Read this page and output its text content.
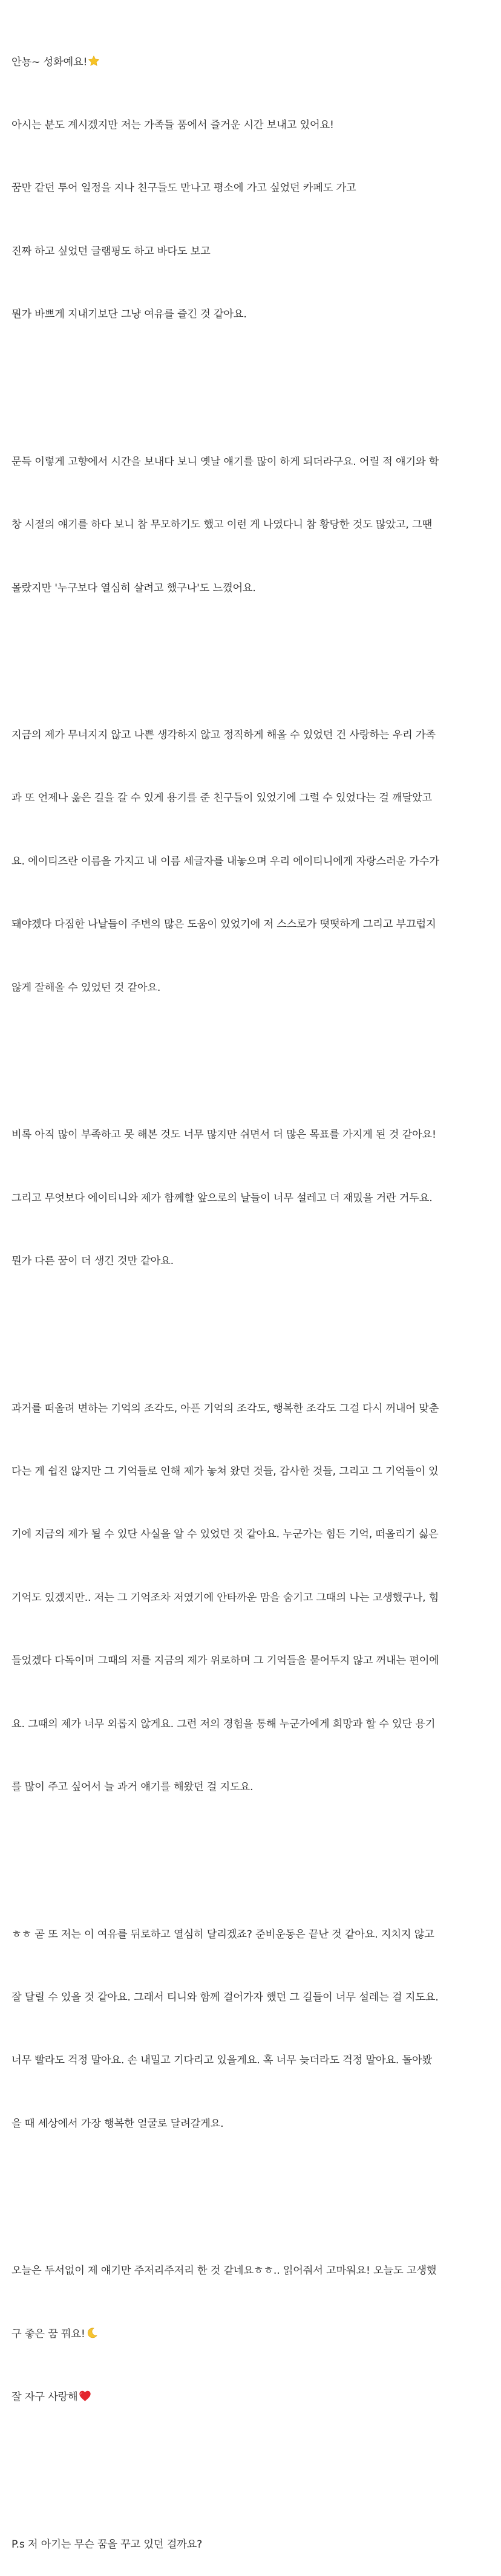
안뇽~ 성화예요!

아시는 분도 계시겠지만 저는 가족들 품에서 즐거운 시간 보내고 있어요!

꿈만 같던 투어 일정을 지나 친구들도 만나고 평소에 가고 싶었던 카페도 가고

진짜 하고 싶었던 글램핑도 하고 바다도 보고

뭔가 바쁘게 지내기보단 그냥 여유를 즐긴 것 같아요.

문득 이렇게 고향에서 시간을 보내다 보니 옛날 얘기를 많이 하게 되더라구요. 어릴 적 얘기와 학

창 시절의 얘기를 하다 보니 참 무모하기도 했고 이런 게 나였다니 참 황당한 것도 많았고, 그땐

몰랐지만 '누구보다 열심히 살려고 했구나'도 느꼈어요.

지금의 제가 무너지지 않고 나쁜 생각하지 않고 정직하게 해올 수 있었던 건 사랑하는 우리 가족

과 또 언제나 옳은 길을 갈 수 있게 용기를 준 친구들이 있었기에 그럴 수 있었다는 걸 깨달았고

요. 에이티즈란 이름을 가지고 내 이름 세글자를 내놓으며 우리 에이티니에게 자랑스러운 가수가

돼야겠다 다짐한 나날들이 주변의 많은 도움이 있었기에 저 스스로가 떳떳하게 그리고 부끄럽지

않게 잘해올 수 있었던 것 같아요.

비록 아직 많이 부족하고 못 해본 것도 너무 많지만 쉬면서 더 많은 목표를 가지게 된 것 같아요!

그리고 무엇보다 에이티니와 제가 함께할 앞으로의 날들이 너무 설레고 더 재밌을 거란 거두요.

뭔가 다른 꿈이 더 생긴 것만 같아요.

과거를 떠올려 변하는 기억의 조각도, 아픈 기억의 조각도, 행복한 조각도 그걸 다시 꺼내어 맞춘

다는 게 쉽진 않지만 그 기억들로 인해 제가 놓쳐 왔던 것들, 감사한 것들, 그리고 그 기억들이 있

기에 지금의 제가 될 수 있단 사실을 알 수 있었던 것 같아요. 누군가는 힘든 기억, 떠올리기 싫은

기억도 있겠지만.. 저는 그 기억조차 저였기에 안타까운 맘을 숨기고 그때의 나는 고생했구나, 힘

들었겠다 다독이며 그때의 저를 지금의 제가 위로하며 그 기억들을 묻어두지 않고 꺼내는 편이에

요. 그때의 제가 너무 외롭지 않게요. 그런 저의 경험을 통해 누군가에게 희망과 할 수 있단 용기

를 많이 주고 싶어서 늘 과거 얘기를 해왔던 걸 지도요.

ㅎㅎ 곧 또 저는 이 여유를 뒤로하고 열심히 달리겠죠? 준비운동은 끝난 것 같아요. 지치지 않고

잘 달릴 수 있을 것 같아요. 그래서 티니와 함께 걸어가자 했던 그 길들이 너무 설레는 걸 지도요.

너무 빨라도 걱정 말아요. 손 내밀고 기다리고 있을게요. 혹 너무 늦더라도 걱정 말아요. 돌아봤

을 때 세상에서 가장 행복한 얼굴로 달려갈게요.

오늘은 두서없이 제 얘기만 주저리주저리 한 것 같네요ㅎㅎ.. 읽어줘서 고마워요! 오늘도 고생했

구 좋은 꿈 꿔요!

잘 자구 사랑해

P.s 저 아기는 무슨 꿈을 꾸고 있던 걸까요?
